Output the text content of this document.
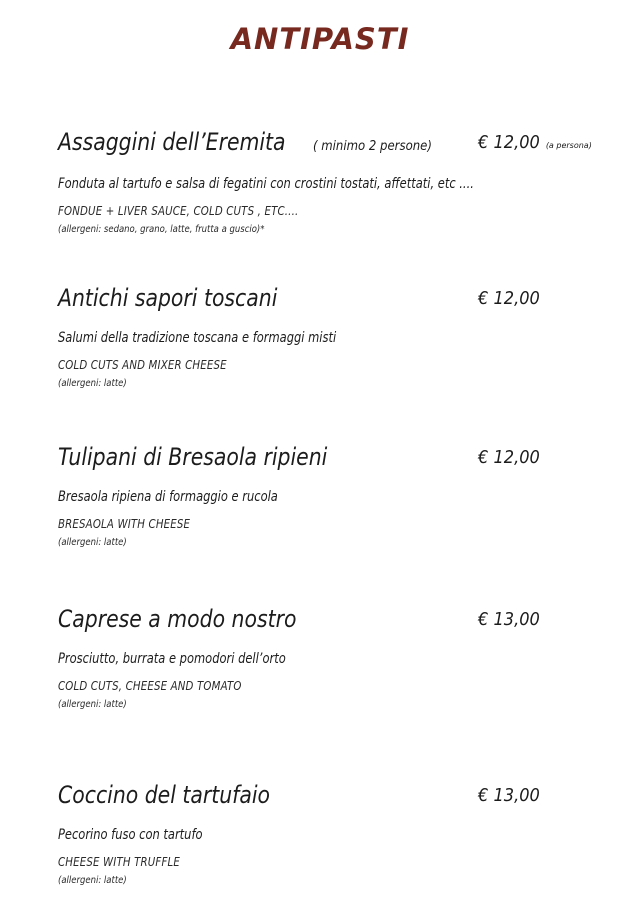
ANTIPASTI
Assaggini dell’Eremita ( minimo 2 persone)	€ 12,00 (a persona)
Fonduta al tartufo e salsa di fegatini con crostini tostati, affettati, etc ....
FONDUE + LIVER SAUCE, COLD CUTS , ETC....
(allergeni: sedano, grano, latte, frutta a guscio)*
Antichi sapori toscani	€ 12,00
Salumi della tradizione toscana e formaggi misti
COLD CUTS AND MIXER CHEESE
(allergeni: latte)
Tulipani di Bresaola ripieni	€ 12,00
Bresaola ripiena di formaggio e rucola
BRESAOLA WITH CHEESE
(allergeni: latte)
Caprese a modo nostro	€ 13,00
Prosciutto, burrata e pomodori dell’orto
COLD CUTS, CHEESE AND TOMATO
(allergeni: latte)
Coccino del tartufaio	€ 13,00
Pecorino fuso con tartufo
CHEESE WITH TRUFFLE
(allergeni: latte)
